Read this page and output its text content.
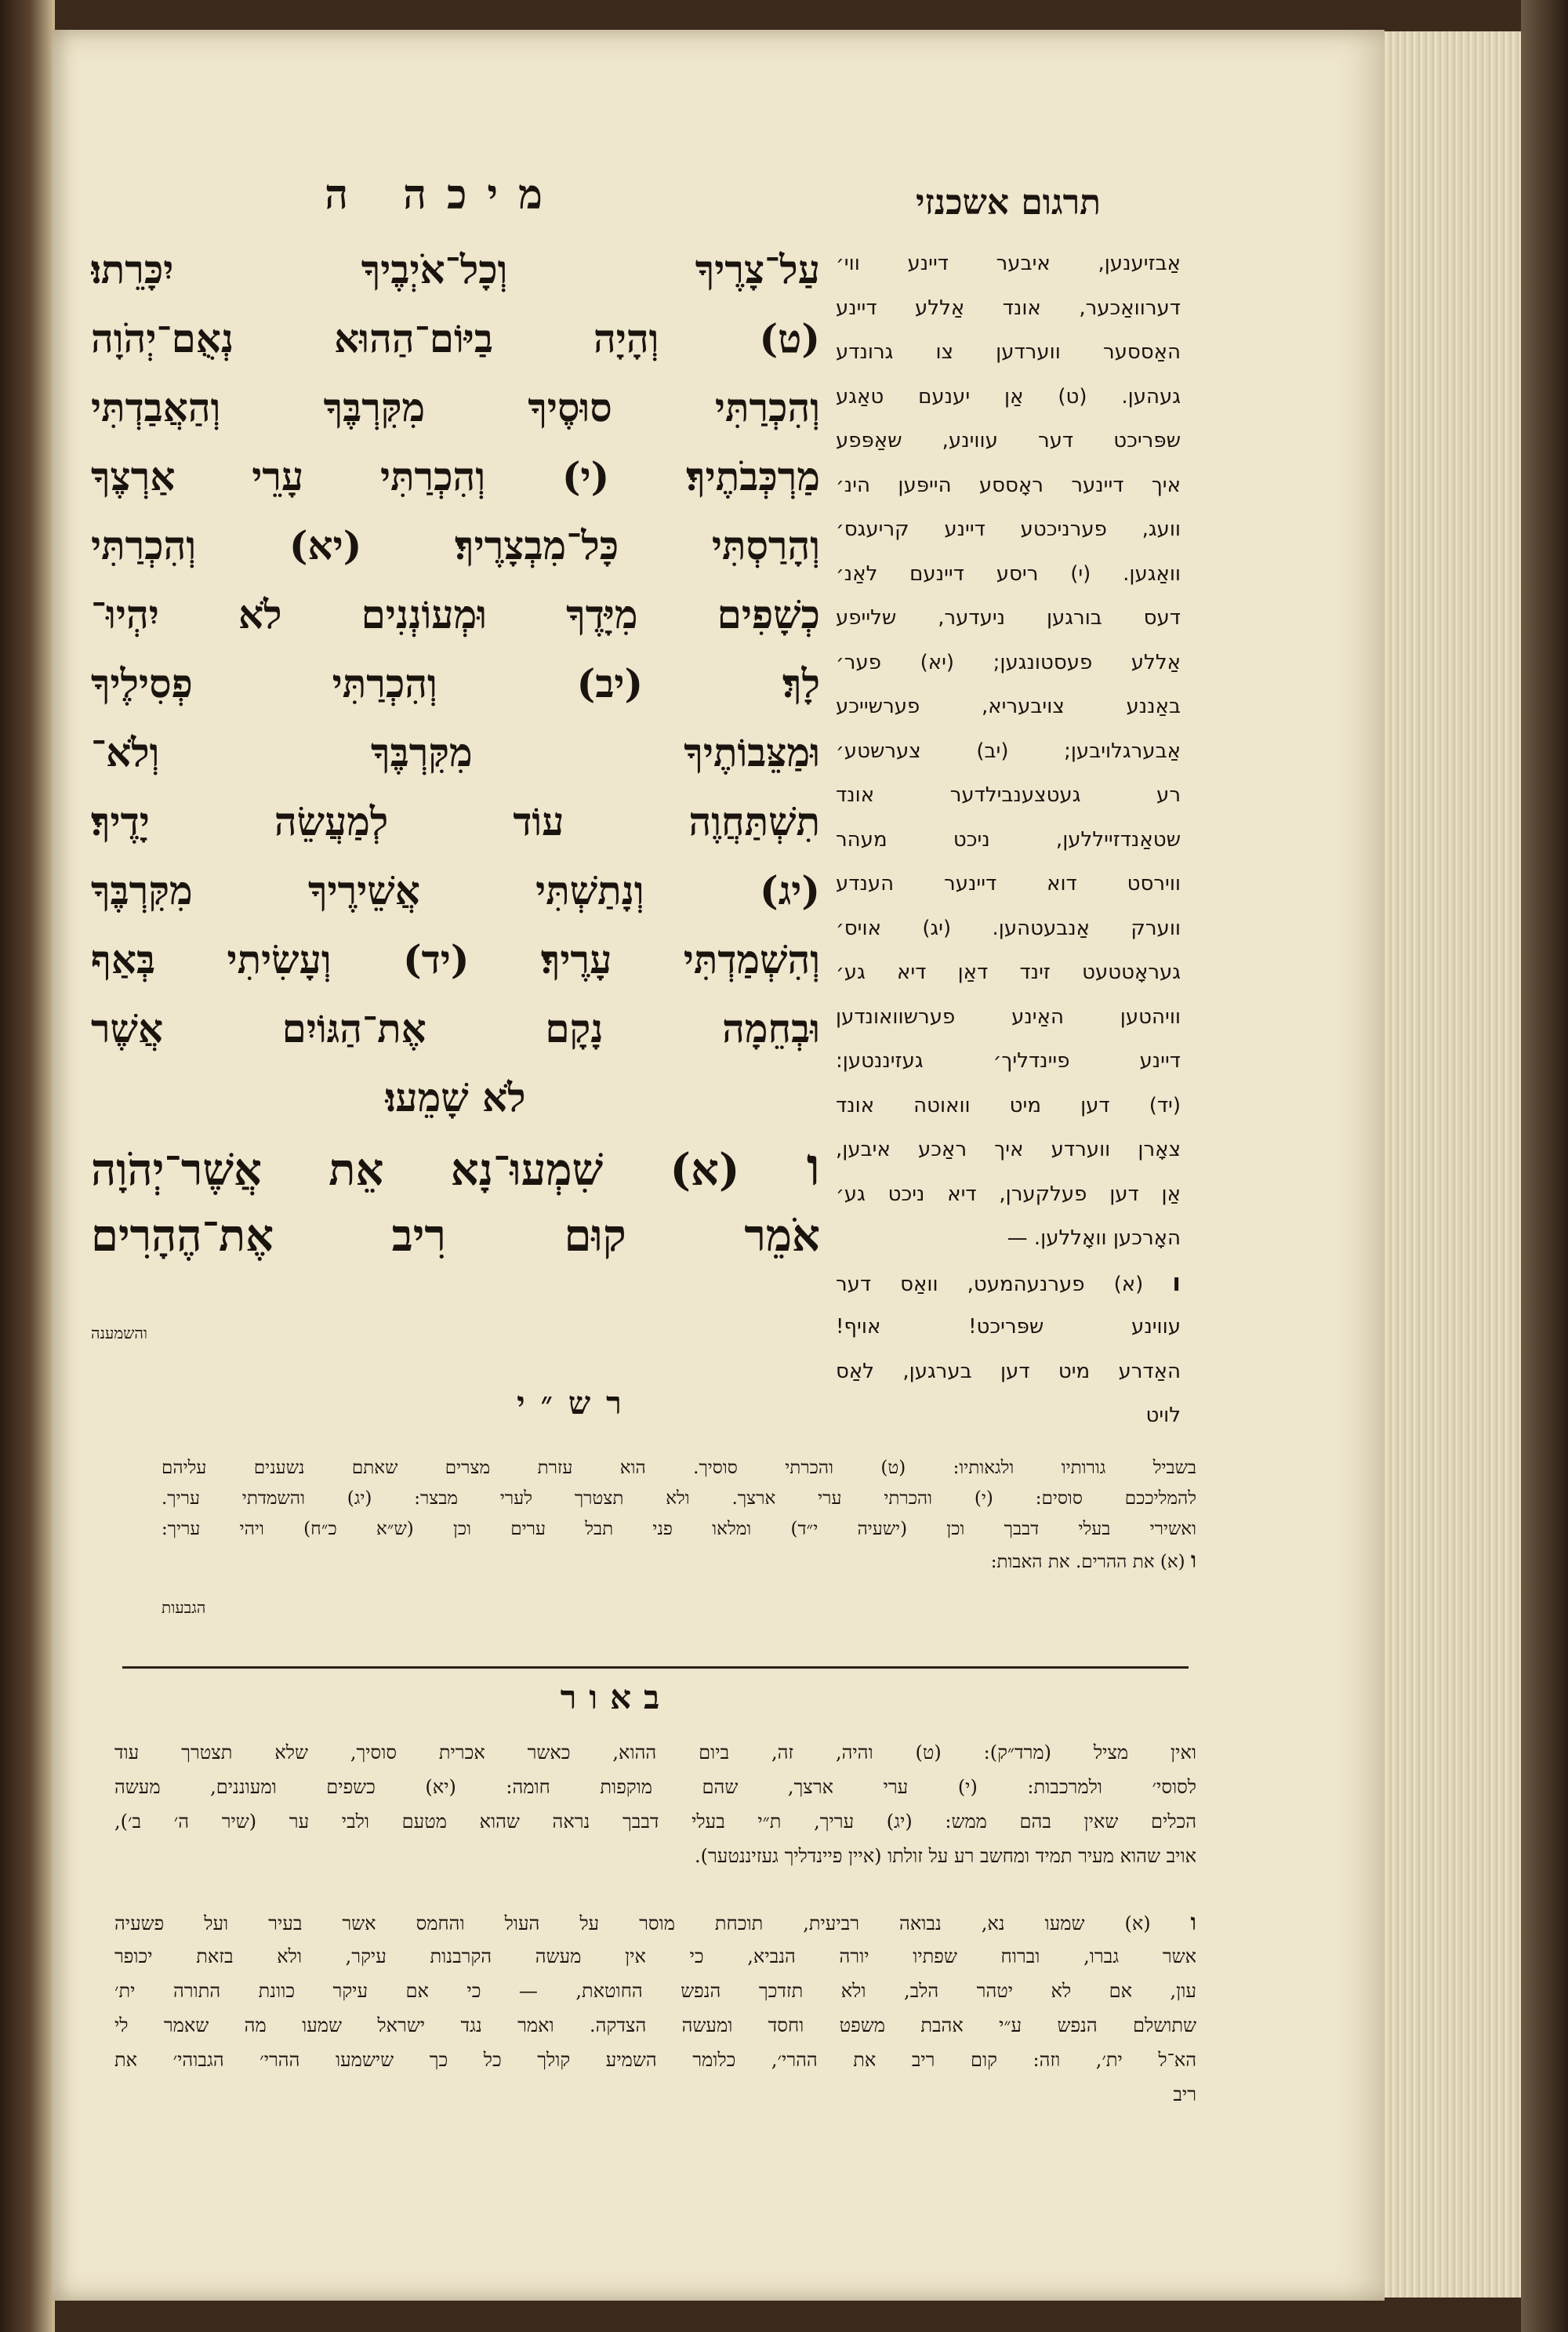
מיכה ה	תרגום אשכנזי
עַל־צָרֶיךָ וְכָל־אֹיְבֶיךָ יִכָּרֵתוּ׃
(ט) וְהָיָה בַיּוֹם־הַהוּא נְאֻם־יְהֹוָה
וְהִכְרַתִּי סוּסֶיךָ מִקִּרְבֶּךָ וְהַאֲבַדְתִּי
מַרְכְּבֹתֶיךָ׃ (י) וְהִכְרַתִּי עָרֵי אַרְצֶךָ
וְהָרַסְתִּי כָּל־מִבְצָרֶיךָ׃ (יא) וְהִכְרַתִּי
כְשָׁפִים מִיָּדֶךָ וּמְעוֹנְנִים לֹא יִהְיוּ־
לָךְ׃ (יב) וְהִכְרַתִּי פְסִילֶיךָ
וּמַצֵּבוֹתֶיךָ מִקִּרְבֶּךָ וְלֹא־
תִשְׁתַּחֲוֶה עוֹד לְמַעֲשֵׂה יָדֶיךָ׃
(יג) וְנָתַשְׁתִּי אֲשֵׁירֶיךָ מִקִּרְבֶּךָ
וְהִשְׁמַדְתִּי עָרֶיךָ׃ (יד) וְעָשִׂיתִי בְּאַף
וּבְחֵמָה נָקָם אֶת־הַגּוֹיִם אֲשֶׁר
לֹא שָׁמֵעוּ׃
ו (א) שִׁמְעוּ־נָא אֵת אֲשֶׁר־יְהֹוָה
אֹמֵר קוּם רִיב אֶת־הֶהָרִים
והשמענה
אַבזיענען, איבער דיינע ווי׳
דערוואַכער, אונד אַללע דיינע
האַססער ווערדען צו גרונדע
געהען. (ט) אַן יענעם טאַגע
שפּריכט דער עווינע, שאַפּפע
איך דיינער ראָססע הייפּען הינ׳
וועג, פערניכטע דיינע קריעגס׳
וואַגען. (י) ריסע דיינעם לאַנ׳
דעס בורגען ניעדער, שלייפע
אַללע פעסטונגען; (יא) פער׳
באַננע צויבעריא, פערשייכע
אַבערגלויבען; (יב) צערשטע׳
רע געטצענבילדער אונד
שטאַנדזייללען, ניכט מעהר
ווירסט דוא דיינער הענדע
ווערק אַנבעטהען. (יג) אויס׳
געראָטטעט זינד דאַן דיא גע׳
וויהטען האַינע פערשוואונדען
דיינע פיינדליך׳ געזיננטען:
(יד) דען מיט וואוטה אונד
צאָרן ווערדע איך ראַכע איבען,
אַן דען פעלקערן, דיא ניכט גע׳
האָרכען וואָללען. —
ו (א) פערנעהמעט, וואַס דער
עווינע שפּריכט! אויף!
האַדרע מיט דען בערגען, לאַס
לויט
רש״י
בשביל גורותיו ולגאותיו: (ט) והכרתי סוסיך. הוא עזרת מצרים שאתם נשענים עליהם
להמליככם סוסים: (י) והכרתי ערי ארצך. ולא תצטרך לערי מבצר: (יג) והשמדתי עריך.
ואשירי בעלי דבבך וכן (ישעיה י״ד) ומלאו פני תבל ערים וכן (ש״א כ״ח) ויהי עריך:
ו (א) את ההרים. את האבות:
הגבעות
באור
ואין מציל (מרד״ק): (ט) והיה, זה, ביום ההוא, כאשר אכרית סוסיך, שלא תצטרך עוד
לסוסי׳ ולמרכבות: (י) ערי ארצך, שהם מוקפות חומה: (יא) כשפים ומעוננים, מעשה
הכלים שאין בהם ממש: (יג) עריך, ת״י בעלי דבבך נראה שהוא מטעם ולבי ער (שיר ה׳ ב׳),
אויב שהוא מעיר תמיד ומחשב רע על זולתו (איין פיינדליך געזיננטער).
ו (א) שמעו נא, נבואה רביעית, תוכחת מוסר על העול והחמס אשר בעיר ועל פשעיה
אשר גברו, וברוח שפתיו יורה הנביא, כי אין מעשה הקרבנות עיקר, ולא בזאת יכופר
עון, אם לא יטהר הלב, ולא תזדכך הנפש החוטאת, — כי אם עיקר כוונת התורה ית׳
שתושלם הנפש ע״י אהבת משפט וחסד ומעשה הצדקה. ואמר נגד ישראל שמעו מה שאמר לי
הא־ל ית׳, וזה: קום ריב את ההרי׳, כלומר השמיע קולך כל כך שישמעו ההרי׳ הגבוהי׳ את
ריב
